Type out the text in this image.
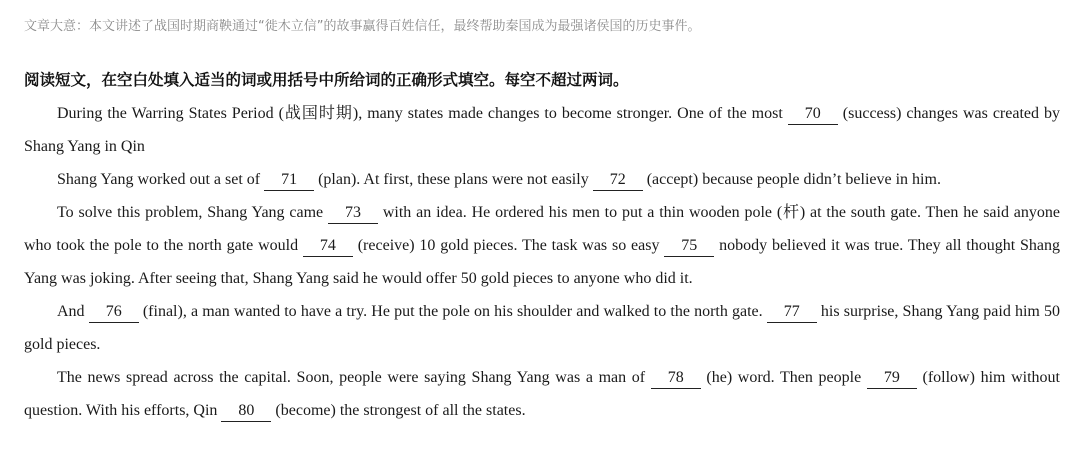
文章大意：本文讲述了战国时期商鞅通过“徙木立信”的故事赢得百姓信任，最终帮助秦国成为最强诸侯国的历史事件。
阅读短文，在空白处填入适当的词或用括号中所给词的正确形式填空。每空不超过两词。

During the Warring States Period (战国时期), many states made changes to become stronger. One of the most 70 (success) changes was created by Shang Yang in Qin

Shang Yang worked out a set of 71 (plan). At first, these plans were not easily 72 (accept) because people didn’t believe in him.

To solve this problem, Shang Yang came 73 with an idea. He ordered his men to put a thin wooden pole (杆) at the south gate. Then he said anyone who took the pole to the north gate would 74 (receive) 10 gold pieces. The task was so easy 75 nobody believed it was true. They all thought Shang Yang was joking. After seeing that, Shang Yang said he would offer 50 gold pieces to anyone who did it.

And 76 (final), a man wanted to have a try. He put the pole on his shoulder and walked to the north gate. 77 his surprise, Shang Yang paid him 50 gold pieces.

The news spread across the capital. Soon, people were saying Shang Yang was a man of 78 (he) word. Then people 79 (follow) him without question. With his efforts, Qin 80 (become) the strongest of all the states.
